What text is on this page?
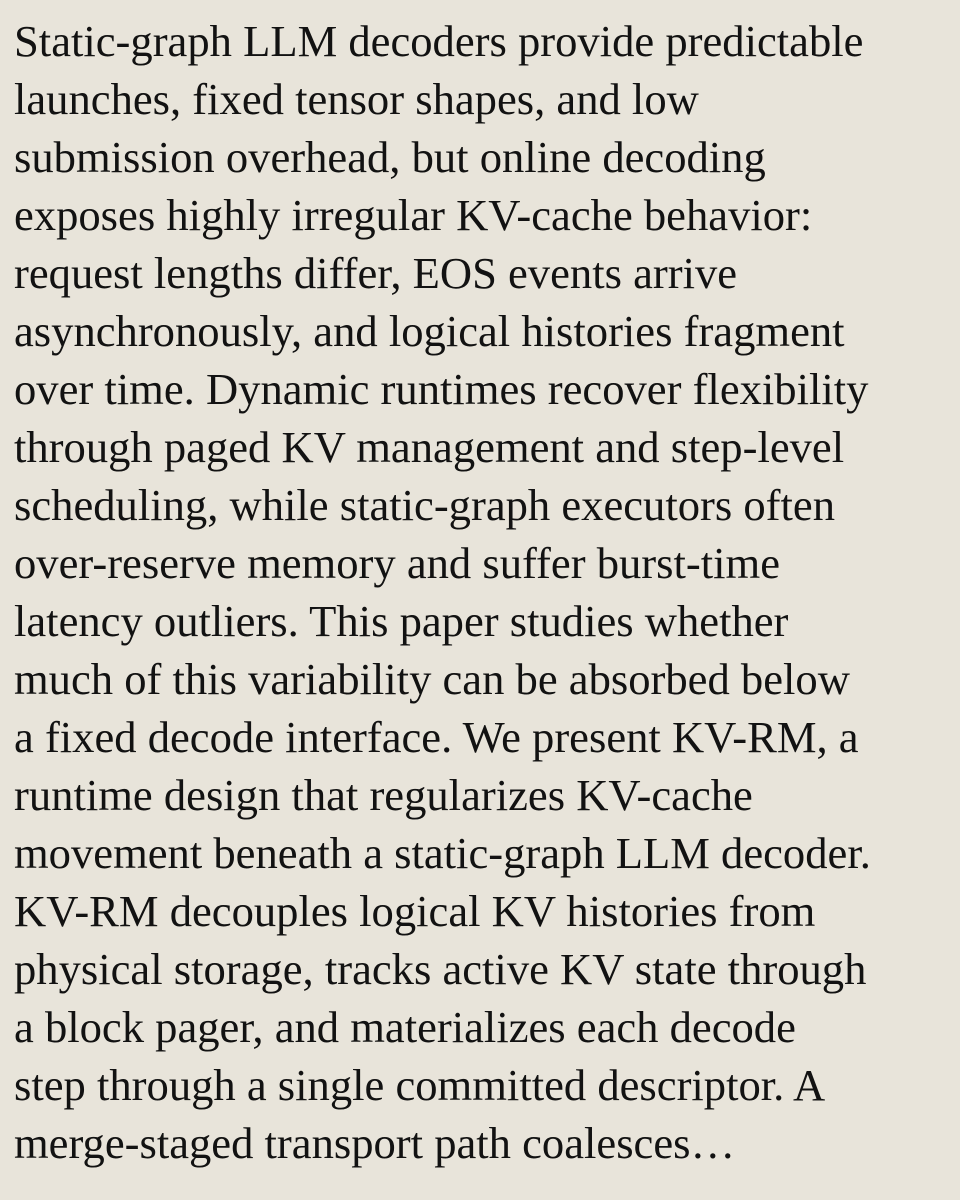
Static-graph LLM decoders provide predictable
launches, fixed tensor shapes, and low
submission overhead, but online decoding
exposes highly irregular KV-cache behavior:
request lengths differ, EOS events arrive
asynchronously, and logical histories fragment
over time. Dynamic runtimes recover flexibility
through paged KV management and step-level
scheduling, while static-graph executors often
over-reserve memory and suffer burst-time
latency outliers. This paper studies whether
much of this variability can be absorbed below
a fixed decode interface. We present KV-RM, a
runtime design that regularizes KV-cache
movement beneath a static-graph LLM decoder.
KV-RM decouples logical KV histories from
physical storage, tracks active KV state through
a block pager, and materializes each decode
step through a single committed descriptor. A
merge-staged transport path coalesces…
